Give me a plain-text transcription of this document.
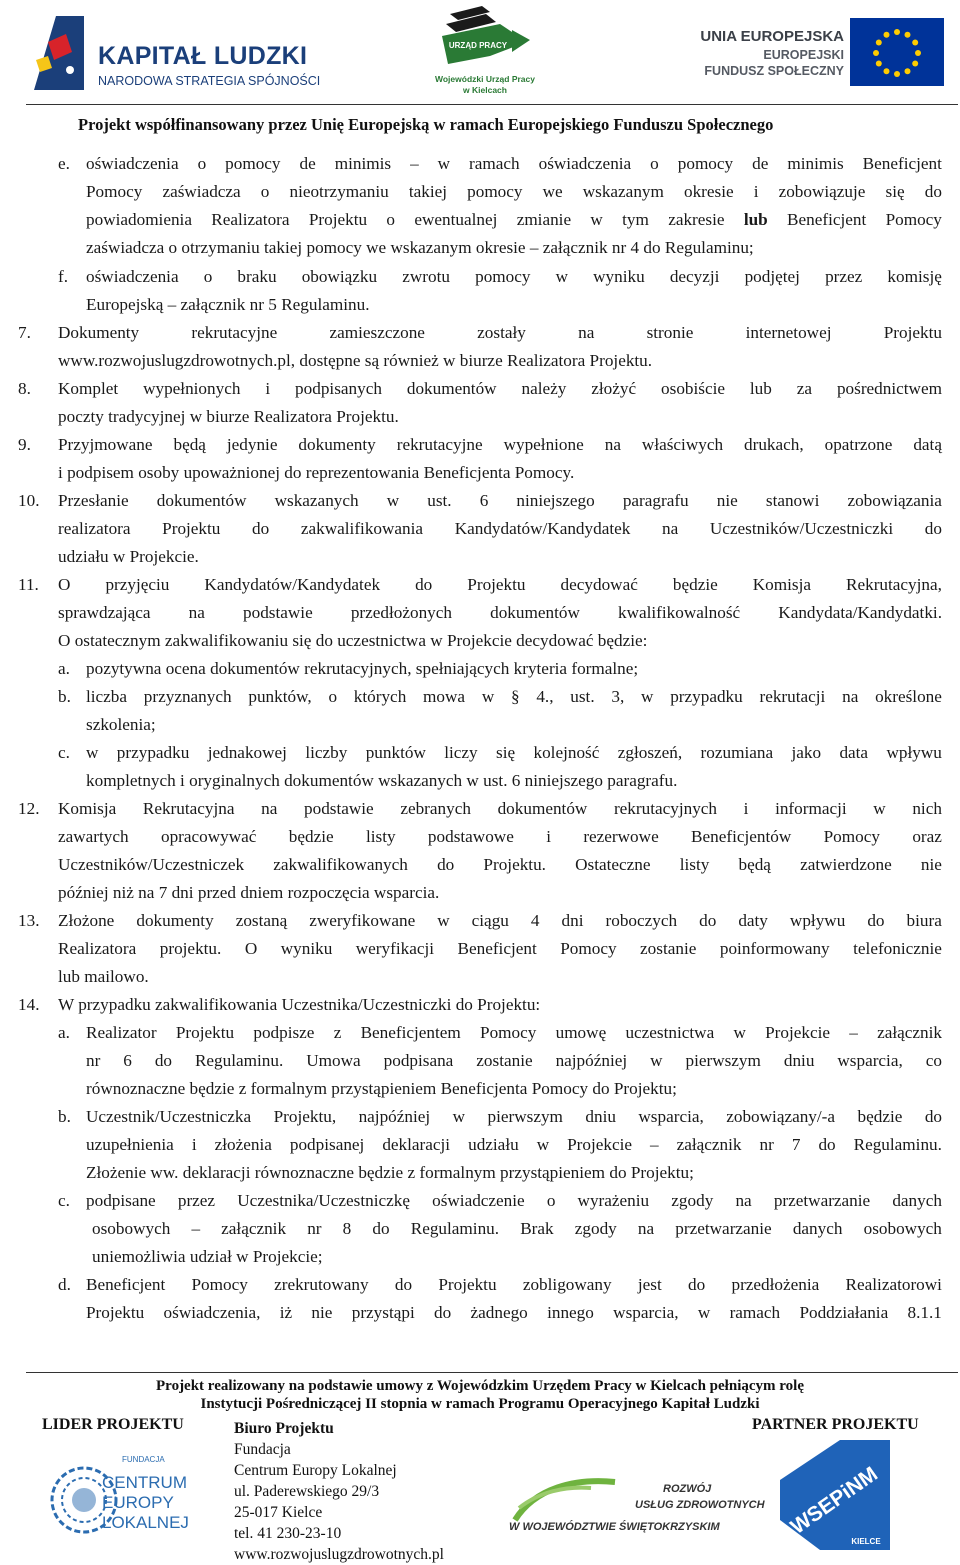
KAPITAŁ LUDZKI
NARODOWA STRATEGIA SPÓJNOŚCI
URZĄD PRACY
Wojewódzki Urząd Pracy
w Kielcach
UNIA EUROPEJSKA
EUROPEJSKI
FUNDUSZ SPOŁECZNY
Projekt współfinansowany przez Unię Europejską w ramach Europejskiego Funduszu Społecznego
e. oświadczenia o pomocy de minimis – w ramach oświadczenia o pomocy de minimis Beneficjent
Pomocy zaświadcza o nieotrzymaniu takiej pomocy we wskazanym okresie i zobowiązuje się do
powiadomienia Realizatora Projektu o ewentualnej zmianie w tym zakresie lub Beneficjent Pomocy
zaświadcza o otrzymaniu takiej pomocy we wskazanym okresie – załącznik nr 4 do Regulaminu;
f. oświadczenia o braku obowiązku zwrotu pomocy w wyniku decyzji podjętej przez komisję
Europejską – załącznik nr 5 Regulaminu.
7. Dokumenty	rekrutacyjne	zamieszczone	zostały	na	stronie	internetowej	Projektu
www.rozwojuslugzdrowotnych.pl, dostępne są również w biurze Realizatora Projektu.
8. Komplet wypełnionych i podpisanych dokumentów należy złożyć osobiście lub za pośrednictwem
poczty tradycyjnej w biurze Realizatora Projektu.
9. Przyjmowane będą jedynie dokumenty rekrutacyjne wypełnione na właściwych drukach, opatrzone datą
i podpisem osoby upoważnionej do reprezentowania Beneficjenta Pomocy.
10. Przesłanie dokumentów wskazanych w ust. 6 niniejszego paragrafu nie stanowi zobowiązania
realizatora Projektu do zakwalifikowania Kandydatów/Kandydatek na Uczestników/Uczestniczki do
udziału w Projekcie.
11. O przyjęciu Kandydatów/Kandydatek do Projektu decydować będzie Komisja Rekrutacyjna,
sprawdzająca na podstawie przedłożonych dokumentów kwalifikowalność Kandydata/Kandydatki.
O ostatecznym zakwalifikowaniu się do uczestnictwa w Projekcie decydować będzie:
a. pozytywna ocena dokumentów rekrutacyjnych, spełniających kryteria formalne;
b. liczba przyznanych punktów, o których mowa w § 4., ust. 3, w przypadku rekrutacji na określone
szkolenia;
c. w przypadku jednakowej liczby punktów liczy się kolejność zgłoszeń, rozumiana jako data wpływu
kompletnych i oryginalnych dokumentów wskazanych w ust. 6 niniejszego paragrafu.
12. Komisja Rekrutacyjna na podstawie zebranych dokumentów rekrutacyjnych i informacji w nich
zawartych opracowywać będzie listy podstawowe i rezerwowe Beneficjentów Pomocy oraz
Uczestników/Uczestniczek zakwalifikowanych do Projektu. Ostateczne listy będą zatwierdzone nie
później niż na 7 dni przed dniem rozpoczęcia wsparcia.
13. Złożone dokumenty zostaną zweryfikowane w ciągu 4 dni roboczych do daty wpływu do biura
Realizatora projektu. O wyniku weryfikacji Beneficjent Pomocy zostanie poinformowany telefonicznie
lub mailowo.
14. W przypadku zakwalifikowania Uczestnika/Uczestniczki do Projektu:
a. Realizator Projektu podpisze z Beneficjentem Pomocy umowę uczestnictwa w Projekcie – załącznik
nr 6 do Regulaminu. Umowa podpisana zostanie najpóźniej w pierwszym dniu wsparcia, co
równoznaczne będzie z formalnym przystąpieniem Beneficjenta Pomocy do Projektu;
b. Uczestnik/Uczestniczka Projektu, najpóźniej w pierwszym dniu wsparcia, zobowiązany/-a będzie do
uzupełnienia i złożenia podpisanej deklaracji udziału w Projekcie – załącznik nr 7 do Regulaminu.
Złożenie ww. deklaracji równoznaczne będzie z formalnym przystąpieniem do Projektu;
c. podpisane przez Uczestnika/Uczestniczkę oświadczenie o wyrażeniu zgody na przetwarzanie danych
osobowych – załącznik nr 8 do Regulaminu. Brak zgody na przetwarzanie danych osobowych
uniemożliwia udział w Projekcie;
d. Beneficjent Pomocy zrekrutowany do Projektu zobligowany jest do przedłożenia Realizatorowi
Projektu oświadczenia, iż nie przystąpi do żadnego innego wsparcia, w ramach Poddziałania 8.1.1
Projekt realizowany na podstawie umowy z Wojewódzkim Urzędem Pracy w Kielcach pełniącym rolę
Instytucji Pośredniczącej II stopnia w ramach Programu Operacyjnego Kapitał Ludzki
LIDER PROJEKTU	PARTNER PROJEKTU
Biuro Projektu
Fundacja
Centrum Europy Lokalnej
ul. Paderewskiego 29/3
25-017 Kielce
tel. 41 230-23-10
www.rozwojuslugzdrowotnych.pl
FUNDACJA
CENTRUM
EUROPY
LOKALNEJ
ROZWÓJ
USŁUG ZDROWOTNYCH
W WOJEWÓDZTWIE ŚWIĘTOKRZYSKIM	WSEPiNM
KIELCE
